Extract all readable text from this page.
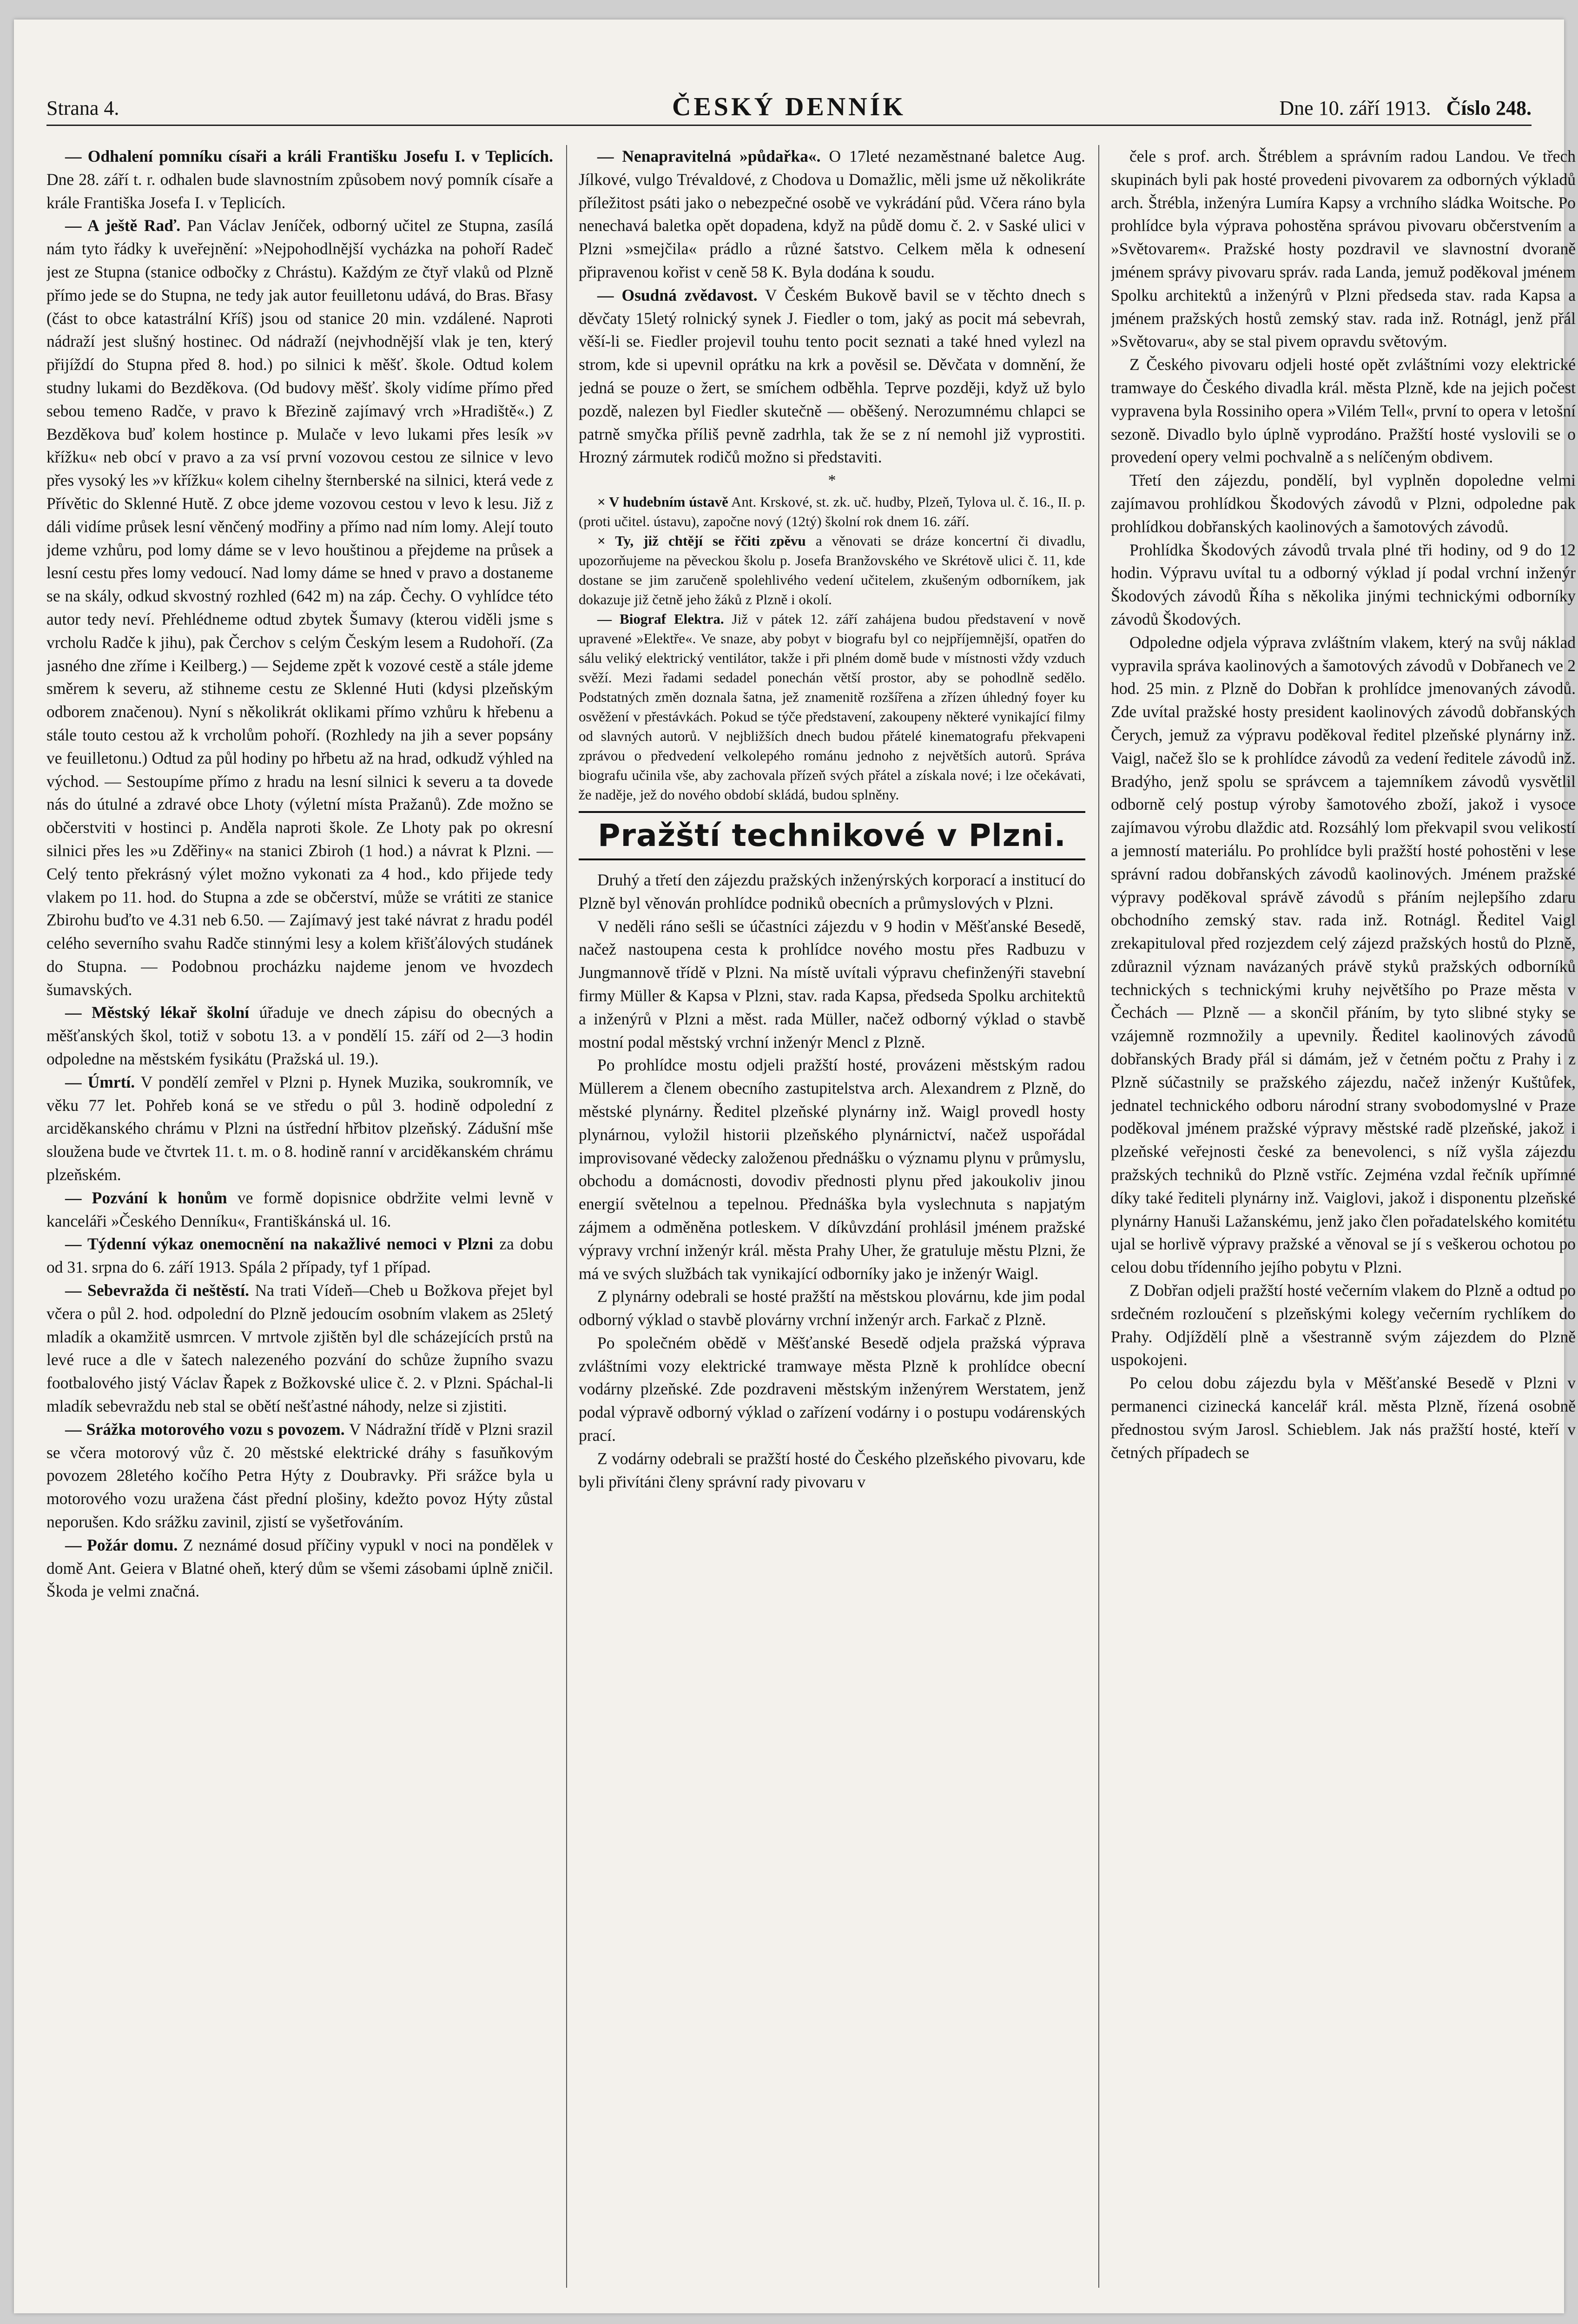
Strana 4.	ČESKÝ DENNÍK	Dne 10. září 1913. Číslo 248.

— Odhalení pomníku císaři a králi Františku Josefu I. v Teplicích. Dne 28. září t. r. odhalen bude slavnostním způsobem nový pomník císaře a krále Františka Josefa I. v Teplicích.

— A ještě Raď. Pan Václav Jeníček, odborný učitel ze Stupna, zasílá nám tyto řádky k uveřejnění: »Nejpohodlnější vycházka na pohoří Radeč jest ze Stupna (stanice odbočky z Chrástu). Každým ze čtyř vlaků od Plzně přímo jede se do Stupna, ne tedy jak autor feuilletonu udává, do Bras. Břasy (část to obce katastrální Kříš) jsou od stanice 20 min. vzdálené. Naproti nádraží jest slušný hostinec. Od nádraží (nejvhodnější vlak je ten, který přijíždí do Stupna před 8. hod.) po silnici k měšť. škole. Odtud kolem studny lukami do Bezděkova. (Od budovy měšť. školy vidíme přímo před sebou temeno Radče, v pravo k Březině zajímavý vrch »Hradiště«.) Z Bezděkova buď kolem hostince p. Mulače v levo lukami přes lesík »v křížku« neb obcí v pravo a za vsí první vozovou cestou ze silnice v levo přes vysoký les »v křížku« kolem cihelny šternberské na silnici, která vede z Přívětic do Sklenné Hutě. Z obce jdeme vozovou cestou v levo k lesu. Již z dáli vidíme průsek lesní věnčený modřiny a přímo nad ním lomy. Alejí touto jdeme vzhůru, pod lomy dáme se v levo houštinou a přejdeme na průsek a lesní cestu přes lomy vedoucí. Nad lomy dáme se hned v pravo a dostaneme se na skály, odkud skvostný rozhled (642 m) na záp. Čechy. O vyhlídce této autor tedy neví. Přehlédneme odtud zbytek Šumavy (kterou viděli jsme s vrcholu Radče k jihu), pak Čerchov s celým Českým lesem a Rudohoří. (Za jasného dne zříme i Keilberg.) — Sejdeme zpět k vozové cestě a stále jdeme směrem k severu, až stihneme cestu ze Sklenné Huti (kdysi plzeňským odborem značenou). Nyní s několikrát oklikami přímo vzhůru k hřebenu a stále touto cestou až k vrcholům pohoří. (Rozhledy na jih a sever popsány ve feuilletonu.) Odtud za půl hodiny po hřbetu až na hrad, odkudž výhled na východ. — Sestoupíme přímo z hradu na lesní silnici k severu a ta dovede nás do útulné a zdravé obce Lhoty (výletní místa Pražanů). Zde možno se občerstviti v hostinci p. Anděla naproti škole. Ze Lhoty pak po okresní silnici přes les »u Zděřiny« na stanici Zbiroh (1 hod.) a návrat k Plzni. — Celý tento překrásný výlet možno vykonati za 4 hod., kdo přijede tedy vlakem po 11. hod. do Stupna a zde se občerství, může se vrátiti ze stanice Zbirohu buďto ve 4.31 neb 6.50. — Zajímavý jest také návrat z hradu podél celého severního svahu Radče stinnými lesy a kolem křišťálových studánek do Stupna. — Podobnou procházku najdeme jenom ve hvozdech šumavských.

— Městský lékař školní úřaduje ve dnech zápisu do obecných a měšťanských škol, totiž v sobotu 13. a v pondělí 15. září od 2—3 hodin odpoledne na městském fysikátu (Pražská ul. 19.).

— Úmrtí. V pondělí zemřel v Plzni p. Hynek Muzika, soukromník, ve věku 77 let. Pohřeb koná se ve středu o půl 3. hodině odpolední z arciděkanského chrámu v Plzni na ústřední hřbitov plzeňský. Zádušní mše sloužena bude ve čtvrtek 11. t. m. o 8. hodině ranní v arciděkanském chrámu plzeňském.

— Pozvání k honům ve formě dopisnice obdržite velmi levně v kanceláři »Českého Denníku«, Františkánská ul. 16.

— Týdenní výkaz onemocnění na nakažlivé nemoci v Plzni za dobu od 31. srpna do 6. září 1913. Spála 2 případy, tyf 1 případ.

— Sebevražda či neštěstí. Na trati Vídeň—Cheb u Božkova přejet byl včera o půl 2. hod. odpolední do Plzně jedoucím osobním vlakem as 25letý mladík a okamžitě usmrcen. V mrtvole zjištěn byl dle scházejících prstů na levé ruce a dle v šatech nalezeného pozvání do schůze župního svazu footbalového jistý Václav Řapek z Božkovské ulice č. 2. v Plzni. Spáchal-li mladík sebevraždu neb stal se obětí nešťastné náhody, nelze si zjistiti.

— Srážka motorového vozu s povozem. V Nádražní třídě v Plzni srazil se včera motorový vůz č. 20 městské elektrické dráhy s fasuňkovým povozem 28letého kočího Petra Hýty z Doubravky. Při srážce byla u motorového vozu uražena část přední plošiny, kdežto povoz Hýty zůstal neporušen. Kdo srážku zavinil, zjistí se vyšetřováním.

— Požár domu. Z neznámé dosud příčiny vypukl v noci na pondělek v domě Ant. Geiera v Blatné oheň, který dům se všemi zásobami úplně zničil. Škoda je velmi značná.

— Nenapravitelná »půdařka«. O 17leté nezaměstnané baletce Aug. Jílkové, vulgo Trévaldové, z Chodova u Domažlic, měli jsme už několikráte příležitost psáti jako o nebezpečné osobě ve vykrádání půd. Včera ráno byla nenechavá baletka opět dopadena, když na půdě domu č. 2. v Saské ulici v Plzni »smejčila« prádlo a různé šatstvo. Celkem měla k odnesení připravenou kořist v ceně 58 K. Byla dodána k soudu.

— Osudná zvědavost. V Českém Bukově bavil se v těchto dnech s děvčaty 15letý rolnický synek J. Fiedler o tom, jaký as pocit má sebevrah, věší-li se. Fiedler projevil touhu tento pocit seznati a také hned vylezl na strom, kde si upevnil oprátku na krk a pověsil se. Děvčata v domnění, že jedná se pouze o žert, se smíchem odběhla. Teprve později, když už bylo pozdě, nalezen byl Fiedler skutečně — oběšený. Nerozumnému chlapci se patrně smyčka příliš pevně zadrhla, tak že se z ní nemohl již vyprostiti. Hrozný zármutek rodičů možno si představiti.

*

× V hudebním ústavě Ant. Krskové, st. zk. uč. hudby, Plzeň, Tylova ul. č. 16., II. p. (proti učitel. ústavu), započne nový (12tý) školní rok dnem 16. září.

× Ty, již chtějí se řčiti zpěvu a věnovati se dráze koncertní či divadlu, upozorňujeme na pěveckou školu p. Josefa Branžovského ve Skrétově ulici č. 11, kde dostane se jim zaručeně spolehlivého vedení učitelem, zkušeným odborníkem, jak dokazuje již četně jeho žáků z Plzně i okolí.

— Biograf Elektra. Již v pátek 12. září zahájena budou představení v nově upravené »Elektře«. Ve snaze, aby pobyt v biografu byl co nejpříjemnější, opatřen do sálu veliký elektrický ventilátor, takže i při plném domě bude v místnosti vždy vzduch svěží. Mezi řadami sedadel ponechán větší prostor, aby se pohodlně sedělo. Podstatných změn doznala šatna, jež znamenitě rozšířena a zřízen úhledný foyer ku osvěžení v přestávkách. Pokud se týče představení, zakoupeny některé vynikající filmy od slavných autorů. V nejbližších dnech budou přátelé kinematografu překvapeni zprávou o předvedení velkolepého románu jednoho z největších autorů. Správa biografu učinila vše, aby zachovala přízeň svých přátel a získala nové; i lze očekávati, že naděje, jež do nového období skládá, budou splněny.

Pražští technikové v Plzni.

Druhý a třetí den zájezdu pražských inženýrských korporací a institucí do Plzně byl věnován prohlídce podniků obecních a průmyslových v Plzni.

V neděli ráno sešli se účastníci zájezdu v 9 hodin v Měšťanské Besedě, načež nastoupena cesta k prohlídce nového mostu přes Radbuzu v Jungmannově třídě v Plzni. Na místě uvítali výpravu chefinženýři stavební firmy Müller & Kapsa v Plzni, stav. rada Kapsa, předseda Spolku architektů a inženýrů v Plzni a měst. rada Müller, načež odborný výklad o stavbě mostní podal městský vrchní inženýr Mencl z Plzně.

Po prohlídce mostu odjeli pražští hosté, provázeni městským radou Müllerem a členem obecního zastupitelstva arch. Alexandrem z Plzně, do městské plynárny. Ředitel plzeňské plynárny inž. Waigl provedl hosty plynárnou, vyložil historii plzeňského plynárnictví, načež uspořádal improvisované vědecky založenou přednášku o významu plynu v průmyslu, obchodu a domácnosti, dovodiv přednosti plynu před jakoukoliv jinou energií světelnou a tepelnou. Přednáška byla vyslechnuta s napjatým zájmem a odměněna potleskem. V díkůvzdání prohlásil jménem pražské výpravy vrchní inženýr král. města Prahy Uher, že gratuluje městu Plzni, že má ve svých službách tak vynikající odborníky jako je inženýr Waigl.

Z plynárny odebrali se hosté pražští na městskou plovárnu, kde jim podal odborný výklad o stavbě plovárny vrchní inženýr arch. Farkač z Plzně.

Po společném obědě v Měšťanské Besedě odjela pražská výprava zvláštními vozy elektrické tramwaye města Plzně k prohlídce obecní vodárny plzeňské. Zde pozdraveni městským inženýrem Werstatem, jenž podal výpravě odborný výklad o zařízení vodárny i o postupu vodárenských prací.

Z vodárny odebrali se pražští hosté do Českého plzeňského pivovaru, kde byli přivítáni členy správní rady pivovaru v

čele s prof. arch. Štréblem a správním radou Landou. Ve třech skupinách byli pak hosté provedeni pivovarem za odborných výkladů arch. Štrébla, inženýra Lumíra Kapsy a vrchního sládka Woitsche. Po prohlídce byla výprava pohostěna správou pivovaru občerstvením a »Světovarem«. Pražské hosty pozdravil ve slavnostní dvoraně jménem správy pivovaru správ. rada Landa, jemuž poděkoval jménem Spolku architektů a inženýrů v Plzni předseda stav. rada Kapsa a jménem pražských hostů zemský stav. rada inž. Rotnágl, jenž přál »Světovaru«, aby se stal pivem opravdu světovým.

Z Českého pivovaru odjeli hosté opět zvláštními vozy elektrické tramwaye do Českého divadla král. města Plzně, kde na jejich počest vypravena byla Rossiniho opera »Vilém Tell«, první to opera v letošní sezoně. Divadlo bylo úplně vyprodáno. Pražští hosté vyslovili se o provedení opery velmi pochvalně a s nelíčeným obdivem.

Třetí den zájezdu, pondělí, byl vyplněn dopoledne velmi zajímavou prohlídkou Škodových závodů v Plzni, odpoledne pak prohlídkou dobřanských kaolinových a šamotových závodů.

Prohlídka Škodových závodů trvala plné tři hodiny, od 9 do 12 hodin. Výpravu uvítal tu a odborný výklad jí podal vrchní inženýr Škodových závodů Říha s několika jinými technickými odborníky závodů Škodových.

Odpoledne odjela výprava zvláštním vlakem, který na svůj náklad vypravila správa kaolinových a šamotových závodů v Dobřanech ve 2 hod. 25 min. z Plzně do Dobřan k prohlídce jmenovaných závodů. Zde uvítal pražské hosty president kaolinových závodů dobřanských Čerych, jemuž za výpravu poděkoval ředitel plzeňské plynárny inž. Vaigl, načež šlo se k prohlídce závodů za vedení ředitele závodů inž. Bradýho, jenž spolu se správcem a tajemníkem závodů vysvětlil odborně celý postup výroby šamotového zboží, jakož i vysoce zajímavou výrobu dlaždic atd. Rozsáhlý lom překvapil svou velikostí a jemností materiálu. Po prohlídce byli pražští hosté pohostěni v lese správní radou dobřanských závodů kaolinových. Jménem pražské výpravy poděkoval správě závodů s přáním nejlepšího zdaru obchodního zemský stav. rada inž. Rotnágl. Ředitel Vaigl zrekapituloval před rozjezdem celý zájezd pražských hostů do Plzně, zdůraznil význam navázaných právě styků pražských odborníků technických s technickými kruhy největšího po Praze města v Čechách — Plzně — a skončil přáním, by tyto slibné styky se vzájemně rozmnožily a upevnily. Ředitel kaolinových závodů dobřanských Brady přál si dámám, jež v četném počtu z Prahy i z Plzně súčastnily se pražského zájezdu, načež inženýr Kuštůfek, jednatel technického odboru národní strany svobodomyslné v Praze poděkoval jménem pražské výpravy městské radě plzeňské, jakož i plzeňské veřejnosti české za benevolenci, s níž vyšla zájezdu pražských techniků do Plzně vstříc. Zejména vzdal řečník upřímné díky také řediteli plynárny inž. Vaiglovi, jakož i disponentu plzeňské plynárny Hanuši Lažanskému, jenž jako člen pořadatelského komitétu ujal se horlivě výpravy pražské a věnoval se jí s veškerou ochotou po celou dobu třídenního jejího pobytu v Plzni.

Z Dobřan odjeli pražští hosté večerním vlakem do Plzně a odtud po srdečném rozloučení s plzeňskými kolegy večerním rychlíkem do Prahy. Odjíždělí plně a všestranně svým zájezdem do Plzně uspokojeni.

Po celou dobu zájezdu byla v Měšťanské Besedě v Plzni v permanenci cizinecká kancelář král. města Plzně, řízená osobně přednostou svým Jarosl. Schieblem. Jak nás pražští hosté, kteří v četných případech se
